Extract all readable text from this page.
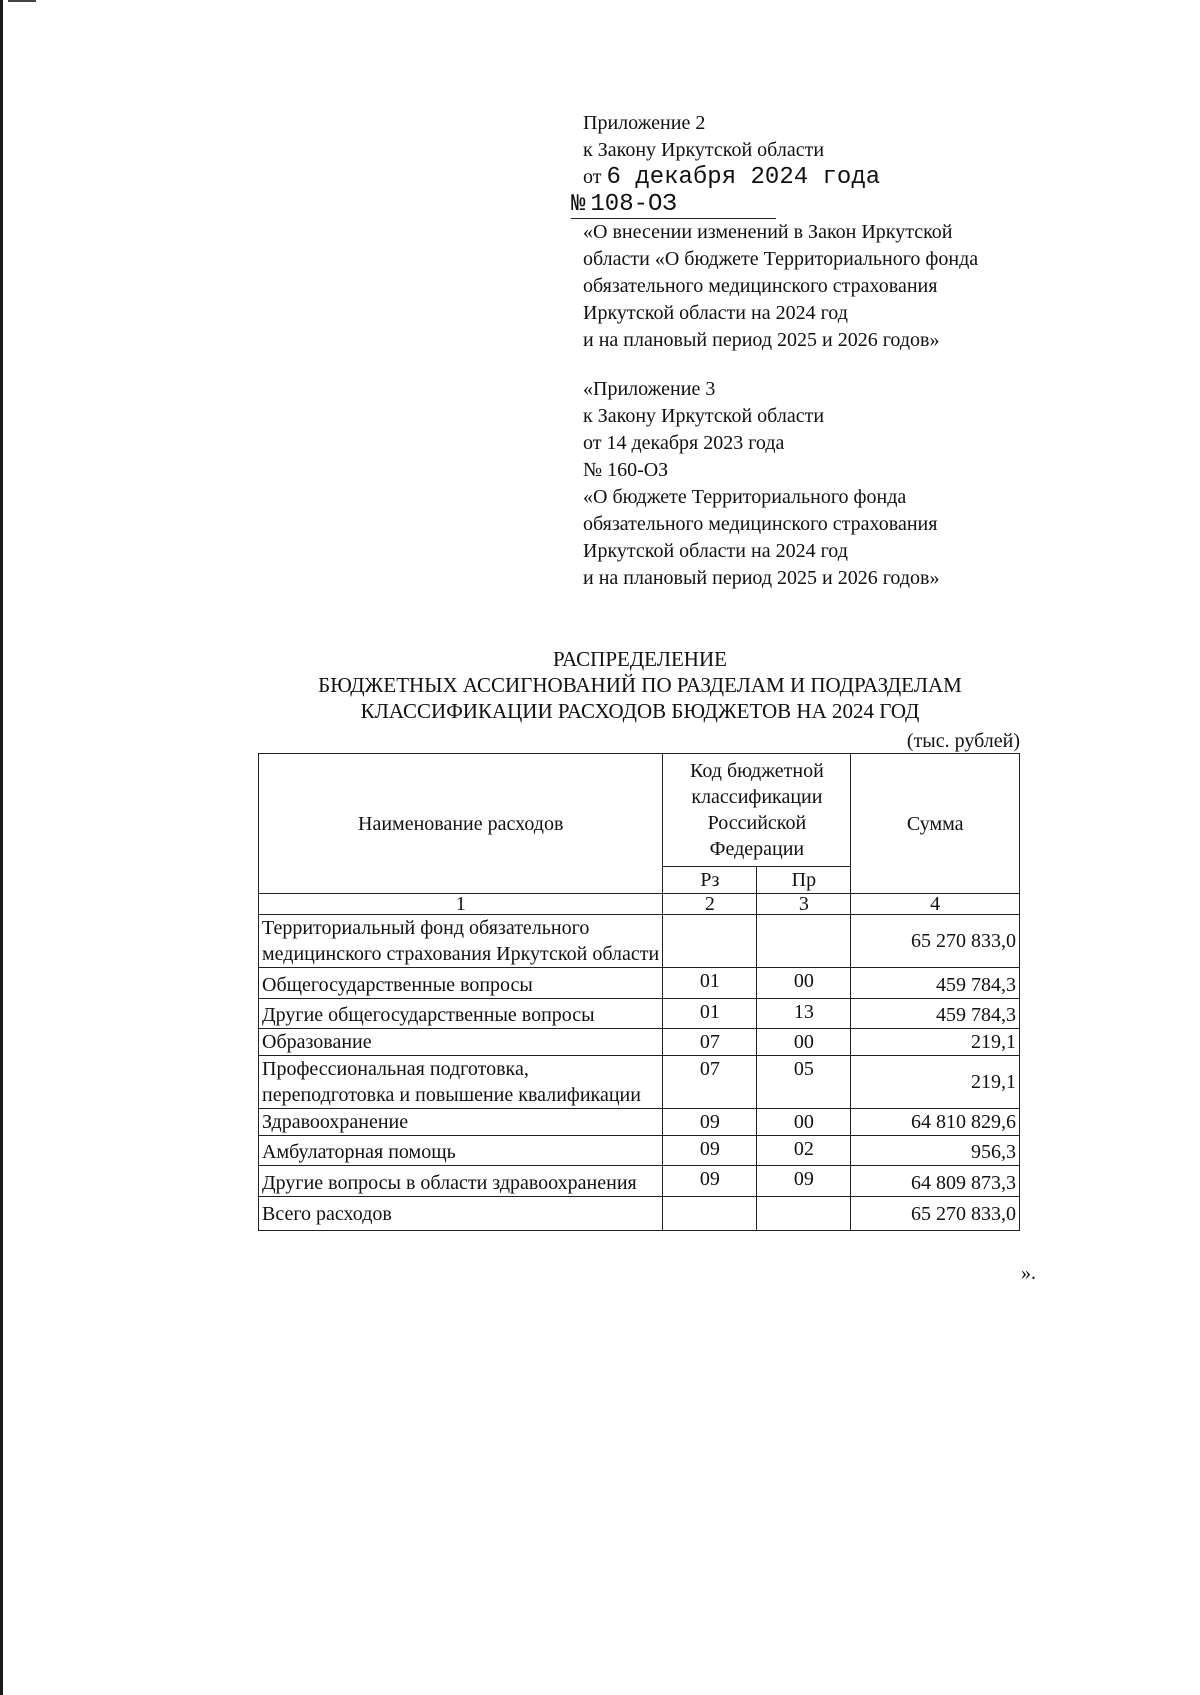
Приложение 2
к Закону Иркутской области
от 6 декабря 2024 года
№ 108-ОЗ
«О внесении изменений в Закон Иркутской
области «О бюджете Территориального фонда
обязательного медицинского страхования
Иркутской области на 2024 год
и на плановый период 2025 и 2026 годов»
«Приложение 3
к Закону Иркутской области
от 14 декабря 2023 года
№ 160-ОЗ
«О бюджете Территориального фонда
обязательного медицинского страхования
Иркутской области на 2024 год
и на плановый период 2025 и 2026 годов»
РАСПРЕДЕЛЕНИЕ
БЮДЖЕТНЫХ АССИГНОВАНИЙ ПО РАЗДЕЛАМ И ПОДРАЗДЕЛАМ
КЛАССИФИКАЦИИ РАСХОДОВ БЮДЖЕТОВ НА 2024 ГОД
(тыс. рублей)
Наименование расходов	Код бюджетной классификации Российской Федерации		Сумма
	Рз	Пр	
1	2	3	4
Территориальный фонд обязательного медицинского страхования Иркутской области			65 270 833,0
Общегосударственные вопросы	01	00	459 784,3
Другие общегосударственные вопросы	01	13	459 784,3
Образование	07	00	219,1
Профессиональная подготовка, переподготовка и повышение квалификации	07	05	219,1
Здравоохранение	09	00	64 810 829,6
Амбулаторная помощь	09	02	956,3
Другие вопросы в области здравоохранения	09	09	64 809 873,3
Всего расходов			65 270 833,0
».
